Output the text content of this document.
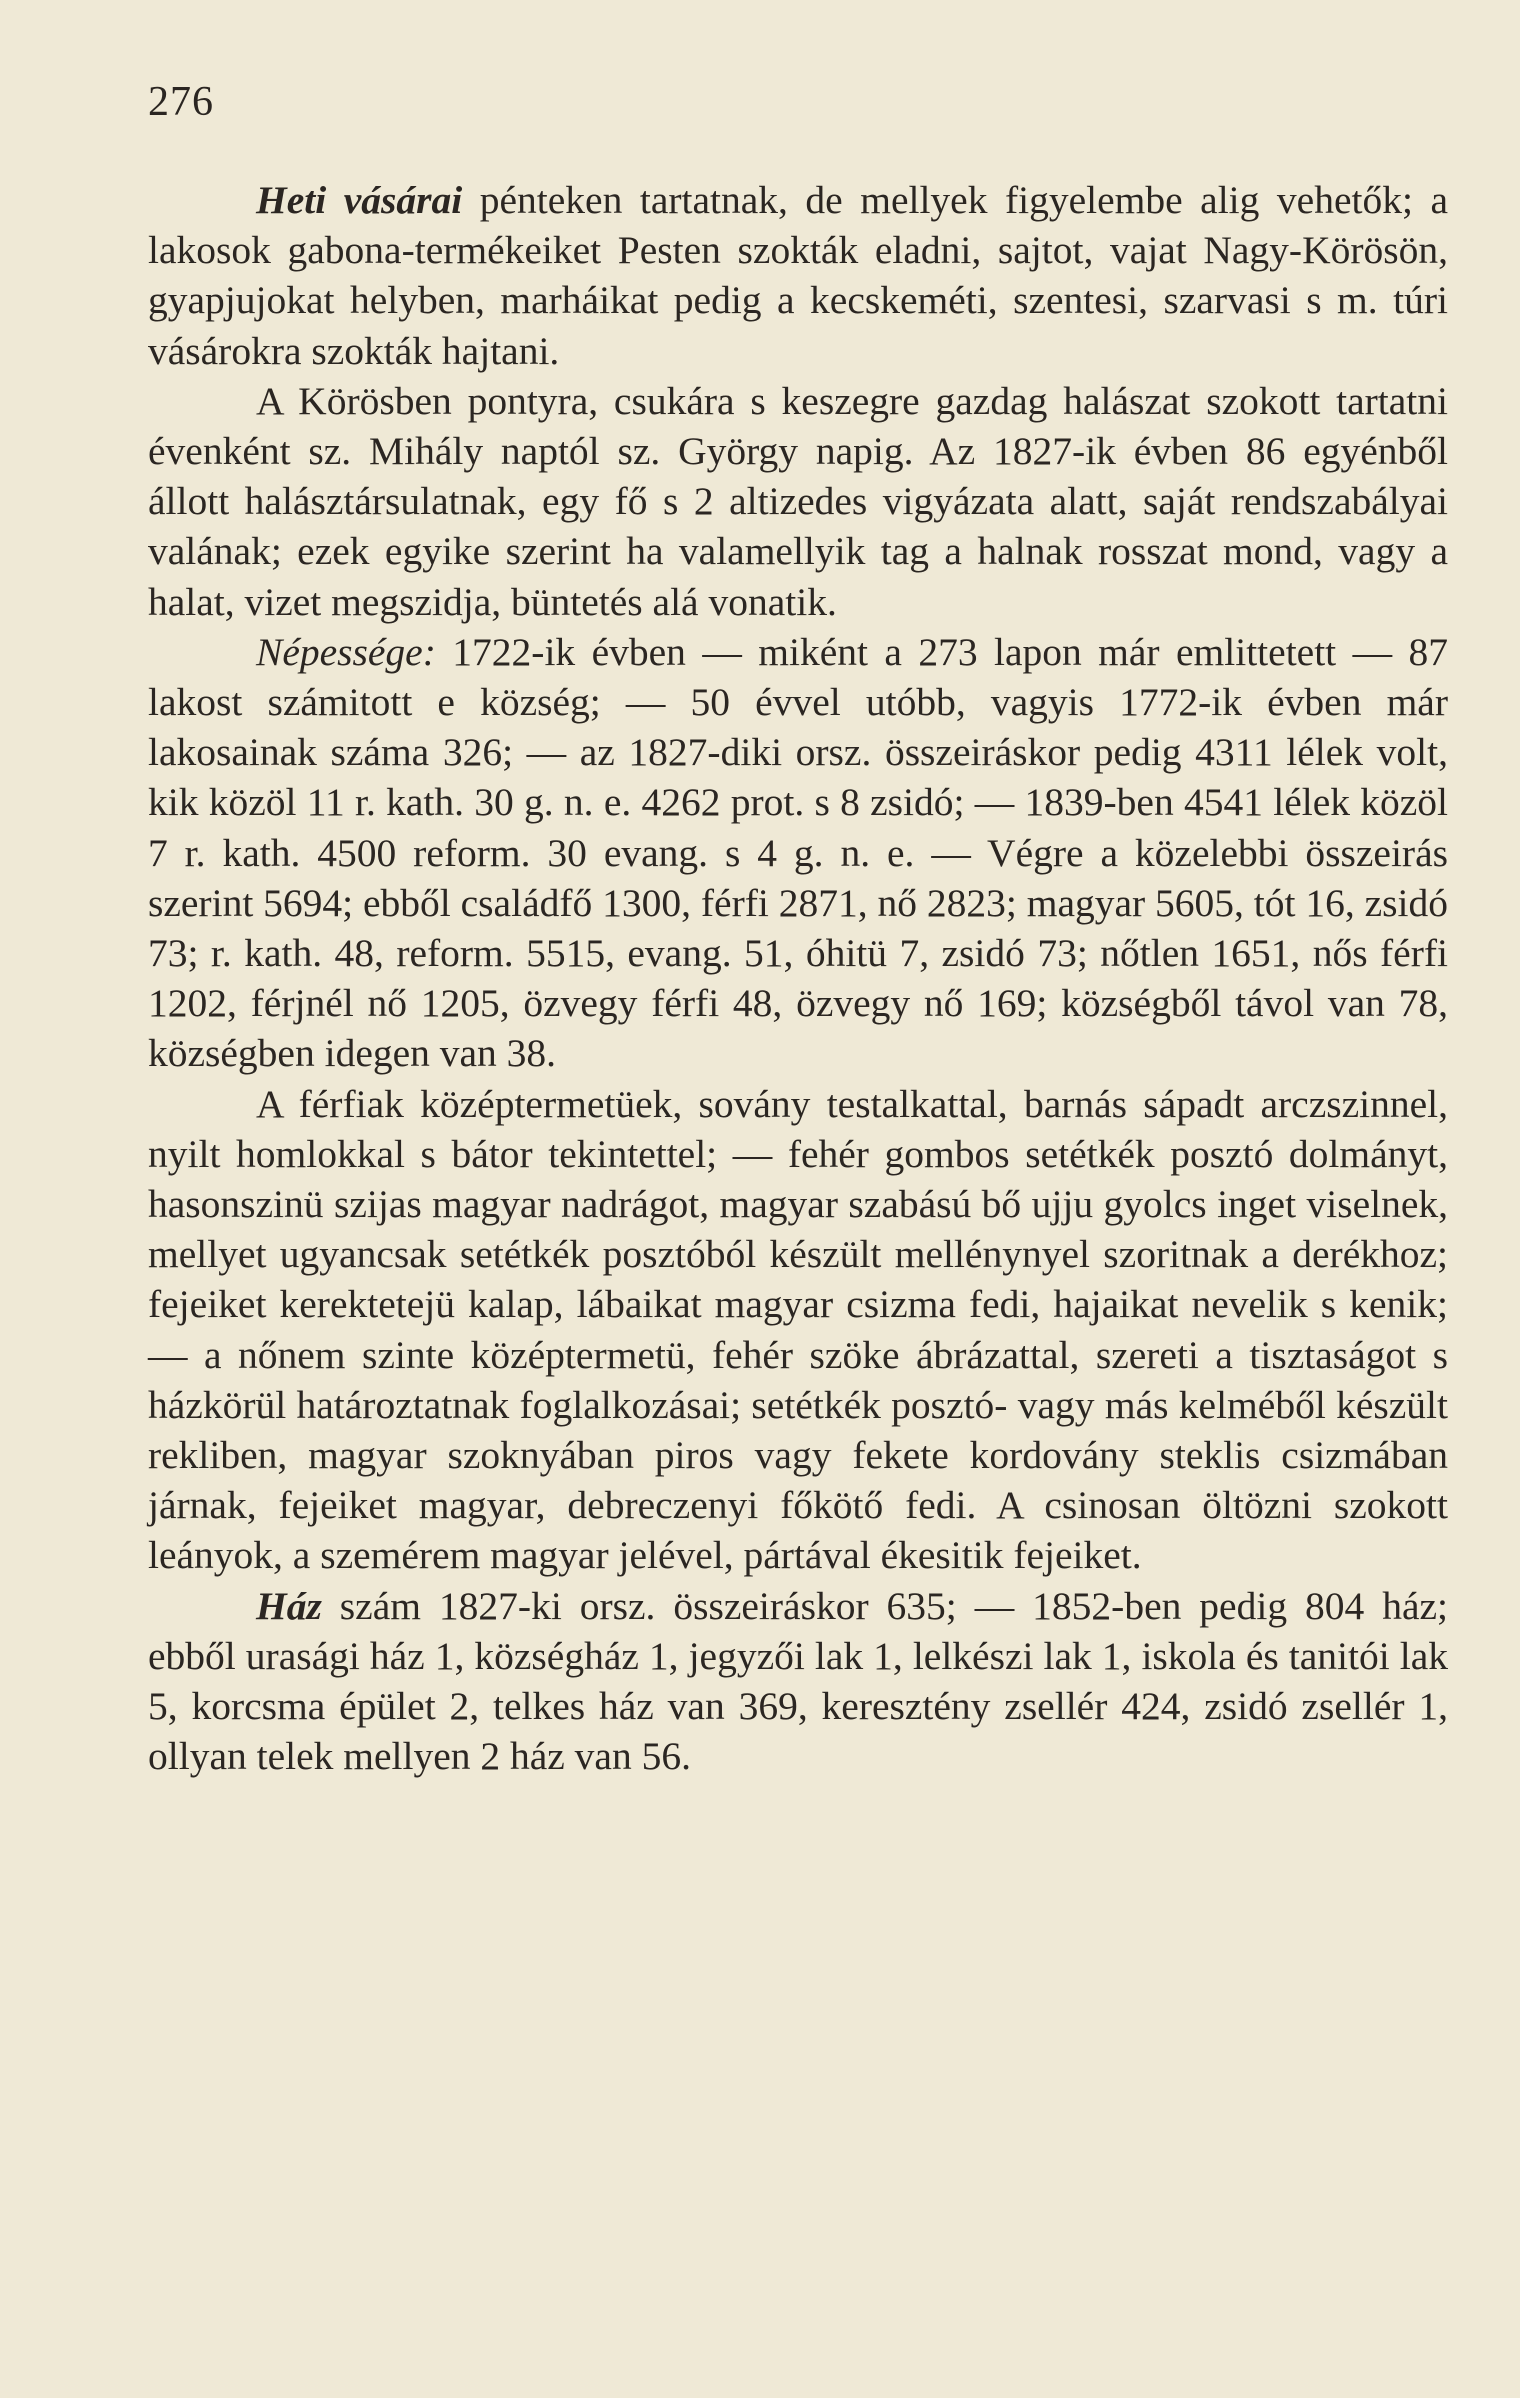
276

Heti vásárai pénteken tartatnak, de mellyek figyelembe alig vehetők; a lakosok gabona-termékeiket Pesten szokták eladni, sajtot, vajat Nagy-Körösön, gyapjujokat helyben, marháikat pedig a kecskeméti, szentesi, szarvasi s m. túri vásárokra szokták hajtani.

A Körösben pontyra, csukára s keszegre gazdag halászat szokott tartatni évenként sz. Mihály naptól sz. György napig. Az 1827-ik évben 86 egyénből állott halásztársulatnak, egy fő s 2 altizedes vigyázata alatt, saját rendszabályai valának; ezek egyike szerint ha valamellyik tag a halnak rosszat mond, vagy a halat, vizet megszidja, büntetés alá vonatik.

Népessége: 1722-ik évben — miként a 273 lapon már emlittetett — 87 lakost számitott e község; — 50 évvel utóbb, vagyis 1772-ik évben már lakosainak száma 326; — az 1827-diki orsz. összeiráskor pedig 4311 lélek volt, kik közöl 11 r. kath. 30 g. n. e. 4262 prot. s 8 zsidó; — 1839-ben 4541 lélek közöl 7 r. kath. 4500 reform. 30 evang. s 4 g. n. e. — Végre a közelebbi összeirás szerint 5694; ebből családfő 1300, férfi 2871, nő 2823; magyar 5605, tót 16, zsidó 73; r. kath. 48, reform. 5515, evang. 51, óhitü 7, zsidó 73; nőtlen 1651, nős férfi 1202, férjnél nő 1205, özvegy férfi 48, özvegy nő 169; községből távol van 78, községben idegen van 38.

A férfiak középtermetüek, sovány testalkattal, barnás sápadt arczszinnel, nyilt homlokkal s bátor tekintettel; — fehér gombos setétkék posztó dolmányt, hasonszinü szijas magyar nadrágot, magyar szabású bő ujju gyolcs inget viselnek, mellyet ugyancsak setétkék posztóból készült mellénynyel szoritnak a derékhoz; fejeiket kerektetejü kalap, lábaikat magyar csizma fedi, hajaikat nevelik s kenik; — a nőnem szinte középtermetü, fehér szöke ábrázattal, szereti a tisztaságot s házkörül határoztatnak foglalkozásai; setétkék posztó- vagy más kelméből készült rekliben, magyar szoknyában piros vagy fekete kordovány steklis csizmában járnak, fejeiket magyar, debreczenyi főkötő fedi. A csinosan öltözni szokott leányok, a szemérem magyar jelével, pártával ékesitik fejeiket.

Ház szám 1827-ki orsz. összeiráskor 635; — 1852-ben pedig 804 ház; ebből urasági ház 1, községház 1, jegyzői lak 1, lelkészi lak 1, iskola és tanitói lak 5, korcsma épület 2, telkes ház van 369, keresztény zsellér 424, zsidó zsellér 1, ollyan telek mellyen 2 ház van 56.
